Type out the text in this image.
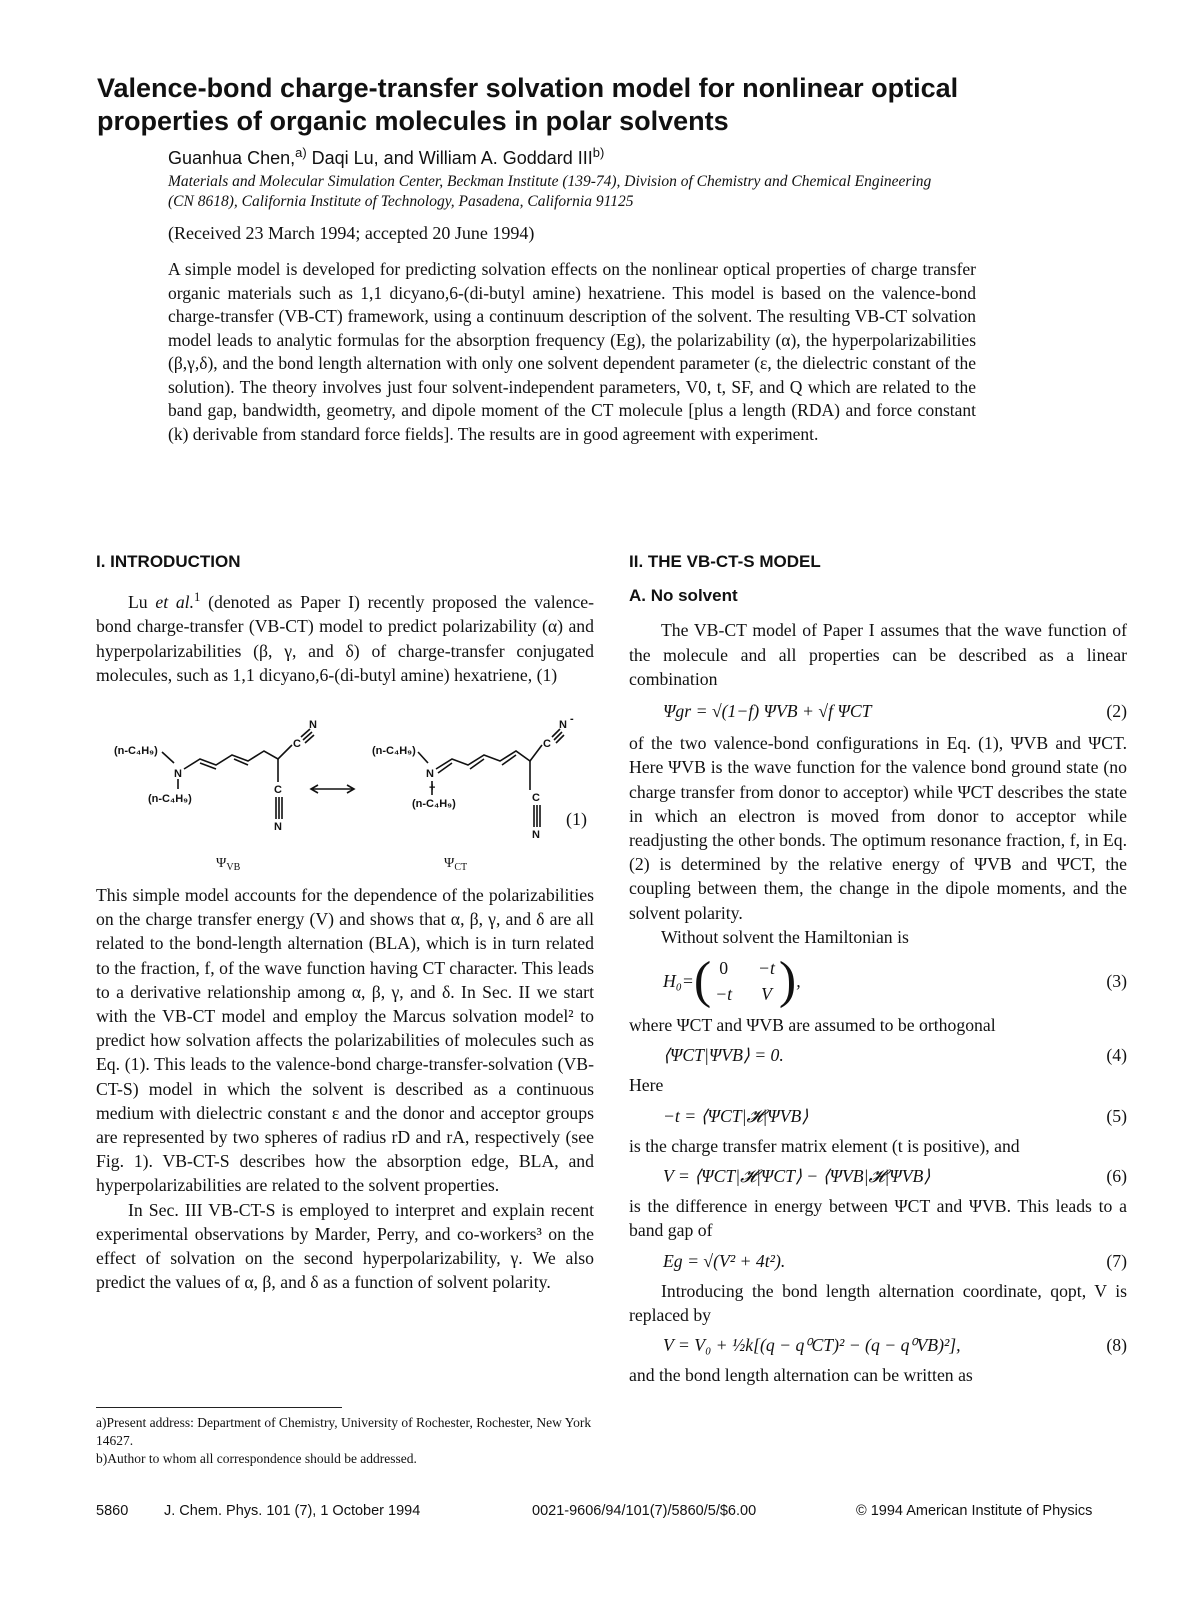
Valence-bond charge-transfer solvation model for nonlinear optical properties of organic molecules in polar solvents
Guanhua Chen,$^{a)}$ Daqi Lu, and William A. Goddard III$^{b)}$
Materials and Molecular Simulation Center, Beckman Institute (139-74), Division of Chemistry and Chemical Engineering (CN 8618), California Institute of Technology, Pasadena, California 91125
(Received 23 March 1994; accepted 20 June 1994)

A simple model is developed for predicting solvation effects on the nonlinear optical properties of charge transfer organic materials such as 1,1 dicyano,6-(di-butyl amine) hexatriene. This model is based on the valence-bond charge-transfer (VB-CT) framework, using a continuum description of the solvent. The resulting VB-CT solvation model leads to analytic formulas for the absorption frequency (Eg), the polarizability (α), the hyperpolarizabilities (β,γ,δ), and the bond length alternation with only one solvent dependent parameter (ε, the dielectric constant of the solution). The theory involves just four solvent-independent parameters, V0, t, SF, and Q which are related to the band gap, bandwidth, geometry, and dipole moment of the CT molecule [plus a length (RDA) and force constant (k) derivable from standard force fields]. The results are in good agreement with experiment.

I. INTRODUCTION

Lu et al.$^1$ (denoted as Paper I) recently proposed the valence-bond charge-transfer (VB-CT) model to predict polarizability (α) and hyperpolarizabilities (β, γ, and δ) of charge-transfer conjugated molecules, such as 1,1 dicyano,6-(di-butyl amine) hexatriene, (1)

(n-C₄H₉)
N
(n-C₄H₉)
C
N
C
N
(n-C₄H₉)
N
+
(n-C₄H₉)
C
N -
C
N
$\Psi_{VB}$	$\Psi_{CT}$
(1)

This simple model accounts for the dependence of the polarizabilities on the charge transfer energy (V) and shows that α, β, γ, and δ are all related to the bond-length alternation (BLA), which is in turn related to the fraction, f, of the wave function having CT character. This leads to a derivative relationship among α, β, γ, and δ. In Sec. II we start with the VB-CT model and employ the Marcus solvation model² to predict how solvation affects the polarizabilities of molecules such as Eq. (1). This leads to the valence-bond charge-transfer-solvation (VB-CT-S) model in which the solvent is described as a continuous medium with dielectric constant ε and the donor and acceptor groups are represented by two spheres of radius rD and rA, respectively (see Fig. 1). VB-CT-S describes how the absorption edge, BLA, and hyperpolarizabilities are related to the solvent properties.

In Sec. III VB-CT-S is employed to interpret and explain recent experimental observations by Marder, Perry, and co-workers³ on the effect of solvation on the second hyperpolarizability, γ. We also predict the values of α, β, and δ as a function of solvent polarity.

a)Present address: Department of Chemistry, University of Rochester, Rochester, New York 14627.
b)Author to whom all correspondence should be addressed.
II. THE VB-CT-S MODEL
A. No solvent

The VB-CT model of Paper I assumes that the wave function of the molecule and all properties can be described as a linear combination

Ψgr = √(1−f) ΨVB + √f ΨCT	(2)

of the two valence-bond configurations in Eq. (1), ΨVB and ΨCT. Here ΨVB is the wave function for the valence bond ground state (no charge transfer from donor to acceptor) while ΨCT describes the state in which an electron is moved from donor to acceptor while readjusting the other bonds. The optimum resonance fraction, f, in Eq. (2) is determined by the relative energy of ΨVB and ΨCT, the coupling between them, the change in the dipole moments, and the solvent polarity.

Without solvent the Hamiltonian is

H₀= ( 0 −t
−t V ) ,	(3)

where ΨCT and ΨVB are assumed to be orthogonal

⟨ΨCT|ΨVB⟩ = 0.	(4)

Here

−t = ⟨ΨCT|𝓗|ΨVB⟩	(5)

is the charge transfer matrix element (t is positive), and

V = ⟨ΨCT|𝓗|ΨCT⟩ − ⟨ΨVB|𝓗|ΨVB⟩	(6)

is the difference in energy between ΨCT and ΨVB. This leads to a band gap of

Eg = √(V² + 4t²).	(7)

Introducing the bond length alternation coordinate, qopt, V is replaced by

V = V₀ + ½k[(q − q⁰CT)² − (q − q⁰VB)²],	(8)

and the bond length alternation can be written as

5860 J. Chem. Phys. 101 (7), 1 October 1994	0021-9606/94/101(7)/5860/5/$6.00	© 1994 American Institute of Physics
